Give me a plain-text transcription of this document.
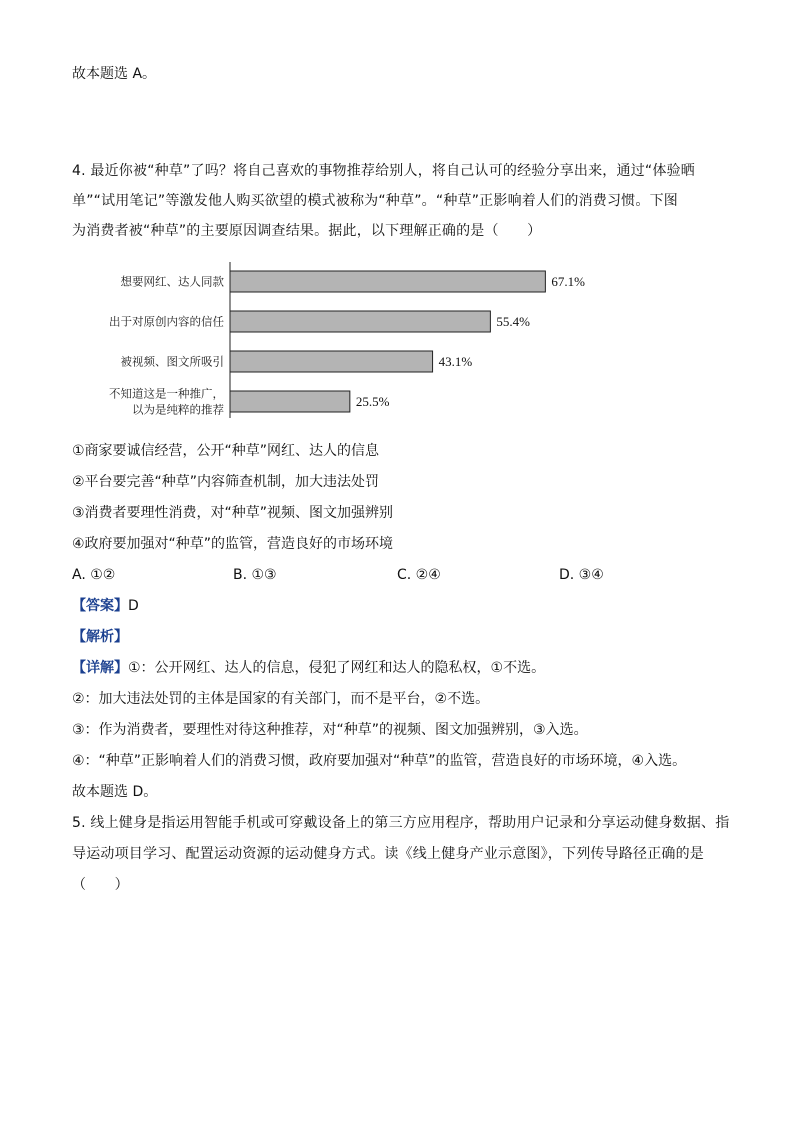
故本题选 A。
4. 最近你被“种草”了吗？将自己喜欢的事物推荐给别人，将自己认可的经验分享出来，通过“体验晒
单”“试用笔记”等激发他人购买欲望的模式被称为“种草”。“种草”正影响着人们的消费习惯。下图
为消费者被“种草”的主要原因调查结果。据此，以下理解正确的是（　　）
67.1%
想要网红、达人同款
55.4%
出于对原创内容的信任
43.1%
被视频、图文所吸引
25.5%
不知道这是一种推广，
以为是纯粹的推荐
①商家要诚信经营，公开“种草”网红、达人的信息
②平台要完善“种草”内容筛查机制，加大违法处罚
③消费者要理性消费，对“种草”视频、图文加强辨别
④政府要加强对“种草”的监管，营造良好的市场环境
A. ①②	B. ①③	C. ②④	D. ③④
【答案】D
【解析】
【详解】①：公开网红、达人的信息，侵犯了网红和达人的隐私权，①不选。
②：加大违法处罚的主体是国家的有关部门，而不是平台，②不选。
③：作为消费者，要理性对待这种推荐，对“种草”的视频、图文加强辨别，③入选。
④：“种草”正影响着人们的消费习惯，政府要加强对“种草”的监管，营造良好的市场环境，④入选。
故本题选 D。
5. 线上健身是指运用智能手机或可穿戴设备上的第三方应用程序，帮助用户记录和分享运动健身数据、指
导运动项目学习、配置运动资源的运动健身方式。读《线上健身产业示意图》，下列传导路径正确的是
（　　）
